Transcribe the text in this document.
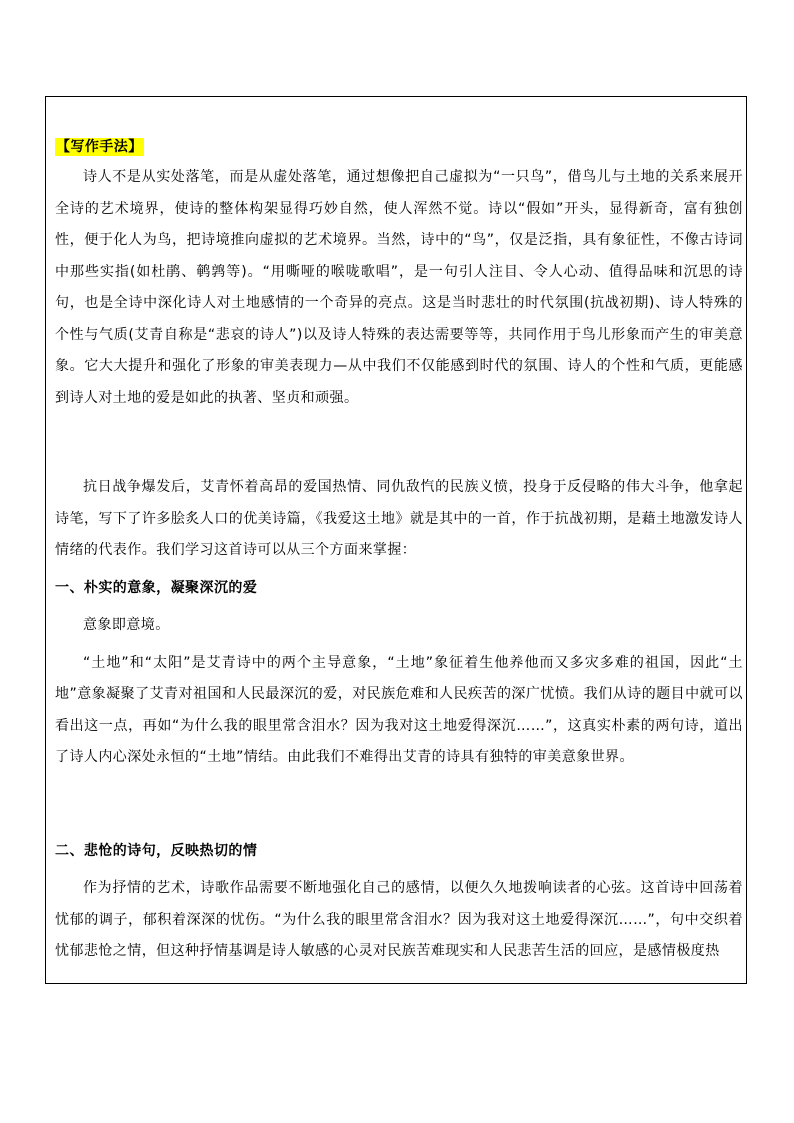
【写作手法】

诗人不是从实处落笔，而是从虚处落笔，通过想像把自己虚拟为“一只鸟”，借鸟儿与土地的关系来展开全诗的艺术境界，使诗的整体构架显得巧妙自然，使人浑然不觉。诗以“假如”开头，显得新奇，富有独创性，便于化人为鸟，把诗境推向虚拟的艺术境界。当然，诗中的“鸟”，仅是泛指，具有象征性，不像古诗词中那些实指(如杜鹃、鹌鹑等)。“用嘶哑的喉咙歌唱”，是一句引人注目、令人心动、值得品味和沉思的诗句，也是全诗中深化诗人对土地感情的一个奇异的亮点。这是当时悲壮的时代氛围(抗战初期)、诗人特殊的个性与气质(艾青自称是“悲哀的诗人”)以及诗人特殊的表达需要等等，共同作用于鸟儿形象而产生的审美意象。它大大提升和强化了形象的审美表现力—从中我们不仅能感到时代的氛围、诗人的个性和气质，更能感到诗人对土地的爱是如此的执著、坚贞和顽强。

抗日战争爆发后，艾青怀着高昂的爱国热情、同仇敌忾的民族义愤，投身于反侵略的伟大斗争，他拿起诗笔，写下了许多脍炙人口的优美诗篇，《我爱这土地》就是其中的一首，作于抗战初期，是藉土地激发诗人情绪的代表作。我们学习这首诗可以从三个方面来掌握：

一、朴实的意象，凝聚深沉的爱

意象即意境。

“土地”和“太阳”是艾青诗中的两个主导意象，“土地”象征着生他养他而又多灾多难的祖国，因此“土地”意象凝聚了艾青对祖国和人民最深沉的爱，对民族危难和人民疾苦的深广忧愤。我们从诗的题目中就可以看出这一点，再如“为什么我的眼里常含泪水？因为我对这土地爱得深沉……”，这真实朴素的两句诗，道出了诗人内心深处永恒的“土地”情结。由此我们不难得出艾青的诗具有独特的审美意象世界。

二、悲怆的诗句，反映热切的情

作为抒情的艺术，诗歌作品需要不断地强化自己的感情，以便久久地拨响读者的心弦。这首诗中回荡着忧郁的调子，郁积着深深的忧伤。“为什么我的眼里常含泪水？因为我对这土地爱得深沉……”，句中交织着忧郁悲怆之情，但这种抒情基调是诗人敏感的心灵对民族苦难现实和人民悲苦生活的回应，是感情极度热
